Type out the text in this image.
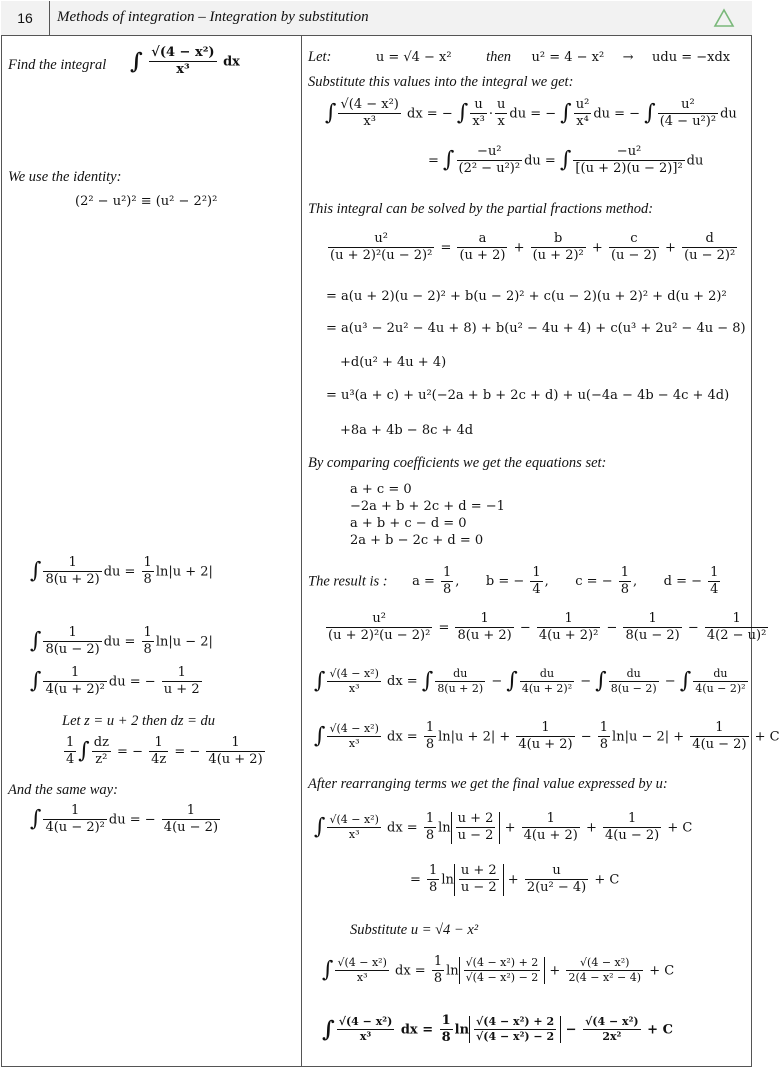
16	Methods of integration – Integration by substitution
Find the integral ∫ $\frac{\text{√(4 − x²)}}{\text{x³}}$ dx
We use the identity:
(2² − u²)² ≡ (u² − 2²)²
∫ $\frac{1}{8(u + 2)}$ du = $\frac{1}{8} \ln|u + 2|$
∫ $\frac{1}{8(u - 2)}$ du = $\frac{1}{8} \ln|u - 2|$
∫ $\frac{1}{\text{4(u + 2)²}}$ du = − $\frac{1}{u + 2}$
Let z = u + 2 then dz = du
$\frac{1}{4}$ ∫ $\frac{dz}{\text{z²}}$ = − $\frac{1}{4z}$ = − $\frac{1}{4(u + 2)}$
And the same way:
∫ $\frac{1}{\text{4(u − 2)²}}$ du = − $\frac{1}{4(u - 2)}$
Let:	u = √4 − x² then u² = 4 − x² → udu = −xdx
Substitute this values into the integral we get:
∫ $\frac{\text{√(4 − x²)}}{\text{x³}}$ dx = − ∫ $\frac{u}{\text{x³}} \cdot \frac{u}{x}$ du = − ∫ $\frac{\text{u²}}{\text{x⁴}}$ du = − ∫ $\frac{\text{u²}}{\text{(4 − u²)²}}$ du
= ∫ $\frac{\text{−u²}}{\text{(2² − u²)²}}$ du = ∫ $\frac{\text{−u²}}{\text{[(u + 2)(u − 2)]²}}$ du
This integral can be solved by the partial fractions method:
$\frac{\text{u²}}{\text{(u + 2)²(u − 2)²}} = \frac{a}{(u + 2)} + \frac{b}{\text{(u + 2)²}} + \frac{c}{(u - 2)} + \frac{d}{\text{(u − 2)²}}$
= a(u + 2)(u − 2)² + b(u − 2)² + c(u − 2)(u + 2)² + d(u + 2)²
= a(u³ − 2u² − 4u + 8) + b(u² − 4u + 4) + c(u³ + 2u² − 4u − 8)
+d(u² + 4u + 4)
= u³(a + c) + u²(−2a + b + 2c + d) + u(−4a − 4b − 4c + 4d)
+8a + 4b − 8c + 4d
By comparing coefficients we get the equations set:
a + c = 0
−2a + b + 2c + d = −1
a + b + c − d = 0
2a + b − 2c + d = 0
The result is : $a = \frac{1}{8}$ , b = − $\frac{1}{4}$ , c = − $\frac{1}{8}$ , d = − $\frac{1}{4}$
$\frac{\text{u²}}{\text{(u + 2)²(u − 2)²}} = \frac{1}{8(u + 2)} - \frac{1}{\text{4(u + 2)²}} - \frac{1}{8(u - 2)} - \frac{1}{\text{4(2 − u)²}}$
∫ $\frac{\text{√(4 − x²)}}{\text{x³}}$ dx = ∫ $\frac{du}{8(u + 2)}$ − ∫ $\frac{du}{\text{4(u + 2)²}}$ − ∫ $\frac{du}{8(u - 2)}$ − ∫ $\frac{du}{\text{4(u − 2)²}}$
∫ $\frac{\text{√(4 − x²)}}{\text{x³}}$ dx = $\frac{1}{8} \ln|u + 2| + \frac{1}{4(u + 2)} - \frac{1}{8} \ln|u - 2| + \frac{1}{4(u - 2)} + C$
After rearranging terms we get the final value expressed by u:
∫ $\frac{\text{√(4 − x²)}}{\text{x³}}$ dx = $\frac{1}{8}$ $\ln \frac{u + 2}{u - 2} + \frac{1}{4(u + 2)} + \frac{1}{4(u - 2)} + C$
= $\frac{1}{8}$ $\ln \frac{u + 2}{u - 2} + \frac{u}{\text{2(u² − 4)}} + C$
Substitute u = √4 − x²
∫ $\frac{\text{√(4 − x²)}}{\text{x³}}$ dx = $\frac{1}{8}$ $\ln \frac{\text{√(4 − x²) + 2}}{\text{√(4 − x²) − 2}} + \frac{\text{√(4 − x²)}}{\text{2(4 − x² − 4)}} + C$
∫ $\frac{\text{√(4 − x²)}}{\text{x³}}$ dx = $\frac{1}{8}$ $\ln \frac{\text{√(4 − x²) + 2}}{\text{√(4 − x²) − 2}} - \frac{\text{√(4 − x²)}}{\text{2x²}} + C$
